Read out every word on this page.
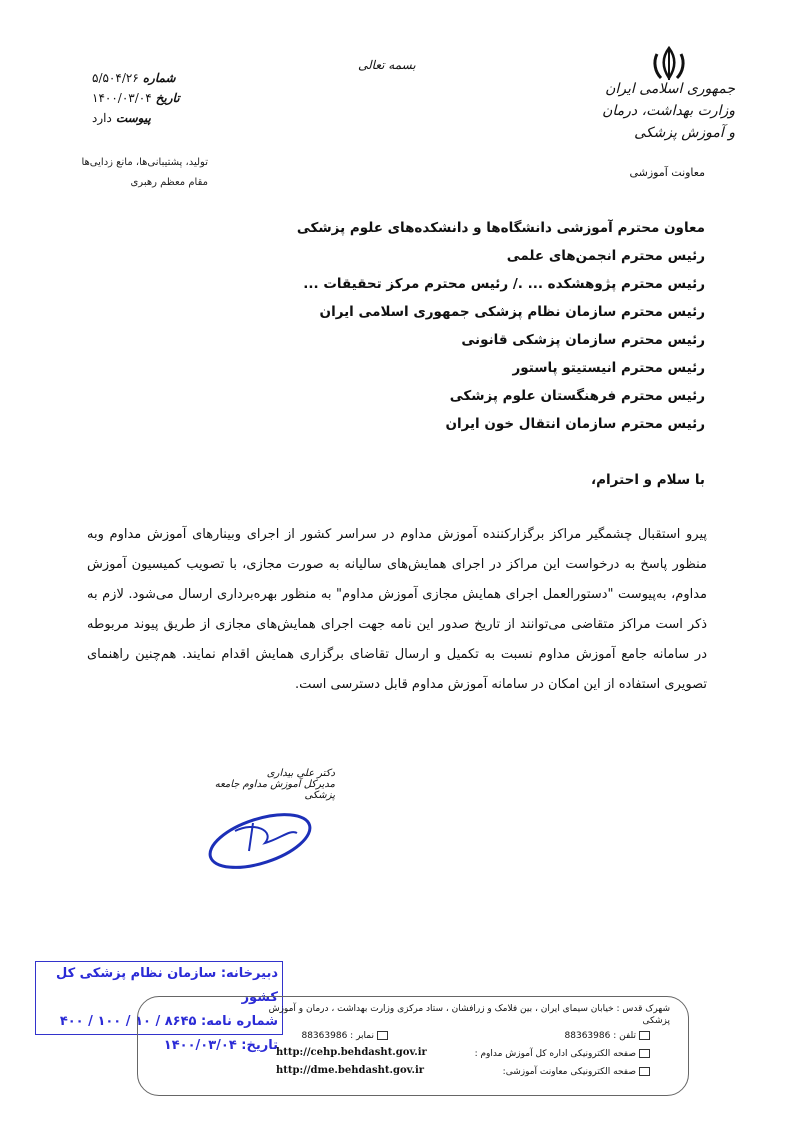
جمهوری اسلامی ایران وزارت بهداشت، درمان و آموزش پزشکی
معاونت آموزشی
بسمه تعالی
شماره
۵/۵۰۴/۲۶
تاریخ
۱۴۰۰/۰۳/۰۴
پیوست
دارد
تولید، پشتیبانی‌ها، مانع زدایی‌ها
مقام معظم رهبری
معاون محترم آموزشی دانشگاه‌ها و دانشکده‌های علوم پزشکی
رئیس محترم انجمن‌های علمی
رئیس محترم پژوهشکده ... ./ رئیس محترم مرکز تحقیقات ...
رئیس محترم سازمان نظام پزشکی جمهوری اسلامی ایران
رئیس محترم سازمان پزشکی قانونی
رئیس محترم انیستیتو پاستور
رئیس محترم فرهنگستان علوم پزشکی
رئیس محترم سازمان انتقال خون ایران
با سلام و احترام،
پیرو استقبال چشمگیر مراکز برگزارکننده آموزش مداوم در سراسر کشور از اجرای وبینارهای آموزش مداوم وبه منظور پاسخ به درخواست این مراکز در اجرای همایش‌های سالیانه به صورت مجازی، با تصویب کمیسیون آموزش مداوم، به‌پیوست "دستورالعمل اجرای همایش مجازی آموزش مداوم" به منظور بهره‌برداری ارسال می‌شود. لازم به ذکر است مراکز متقاضی می‌توانند از تاریخ صدور این نامه جهت اجرای همایش‌های مجازی از طریق پیوند مربوطه در سامانه جامع آموزش مداوم نسبت به تکمیل و ارسال تقاضای برگزاری همایش اقدام نمایند. هم‌چنین راهنمای تصویری استفاده از این امکان در سامانه آموزش مداوم قابل دسترسی است.
دکتر علی بیداری
مدیرکل آموزش مداوم جامعه پزشکی
دبیرخانه: سازمان نظام پزشکی کل کشور
شماره نامه: ۸۶۴۵ / ۱۰ / ۱۰۰ / ۴۰۰
تاریخ: ۱۴۰۰/۰۳/۰۴
شهرک قدس : خیابان سیمای ایران ، بین فلامک و زرافشان ، ستاد مرکزی وزارت بهداشت ، درمان و آموزش پزشکی
تلفن : 88363986
نمابر : 88363986
صفحه الکترونیکی اداره کل آموزش مداوم :
http://cehp.behdasht.gov.ir
صفحه الکترونیکی معاونت آموزشی:
http://dme.behdasht.gov.ir
